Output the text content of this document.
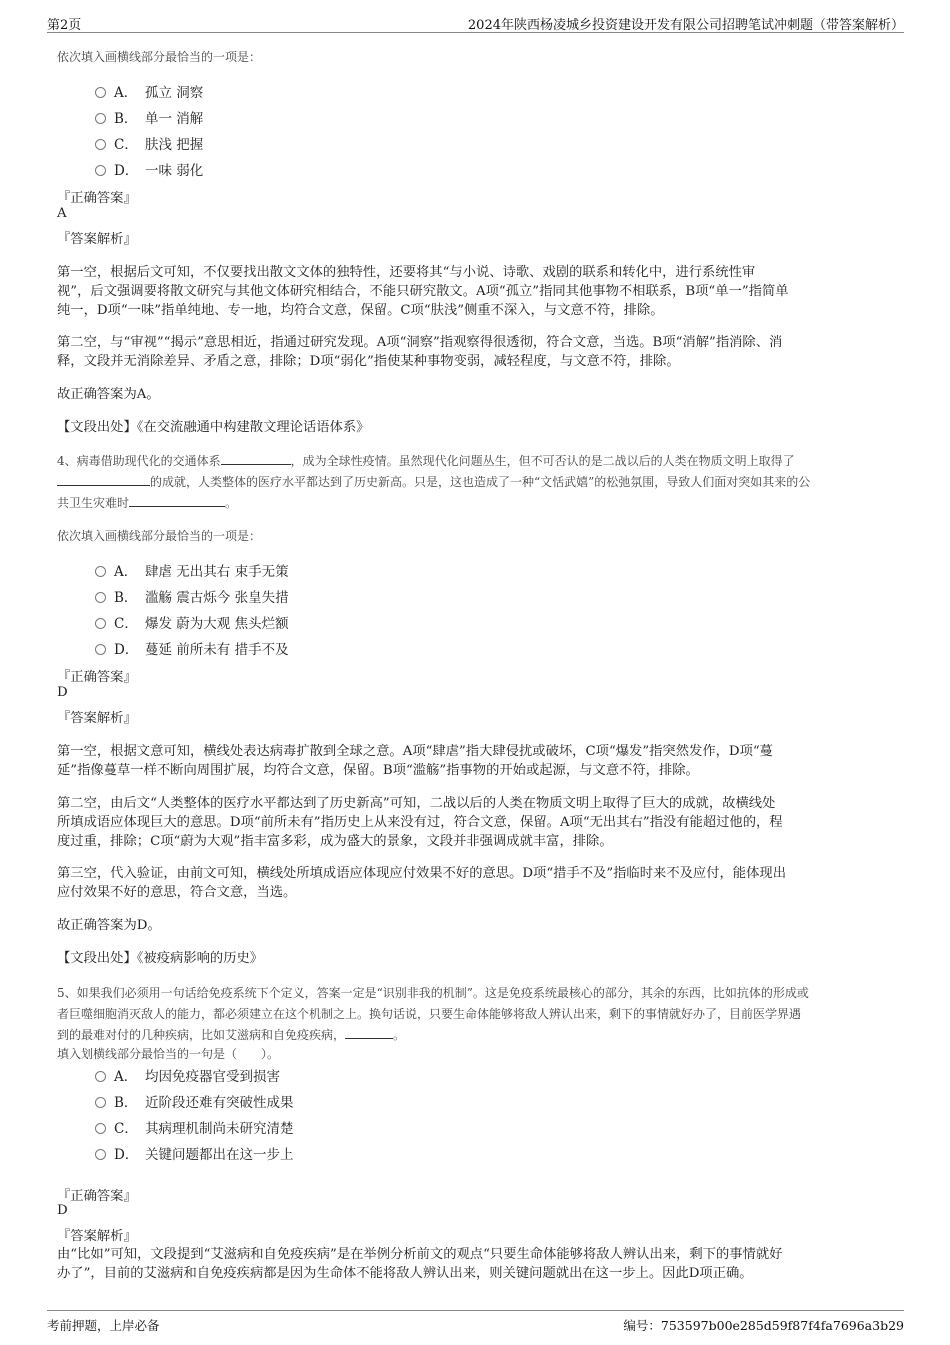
第2页	2024年陕西杨凌城乡投资建设开发有限公司招聘笔试冲刺题（带答案解析）
依次填入画横线部分最恰当的一项是：
A． 孤立 洞察
B． 单一 消解
C． 肤浅 把握
D． 一味 弱化
『正确答案』
A
『答案解析』
第一空，根据后文可知，不仅要找出散文文体的独特性，还要将其“与小说、诗歌、戏剧的联系和转化中，进行系统性审
视”，后文强调要将散文研究与其他文体研究相结合，不能只研究散文。A项“孤立”指同其他事物不相联系，B项“单一”指简单
纯一，D项“一味”指单纯地、专一地，均符合文意，保留。C项“肤浅”侧重不深入，与文意不符，排除。
第二空，与“审视”“揭示”意思相近，指通过研究发现。A项“洞察”指观察得很透彻，符合文意，当选。B项“消解”指消除、消
释，文段并无消除差异、矛盾之意，排除；D项“弱化”指使某种事物变弱，减轻程度，与文意不符，排除。
故正确答案为A。
【文段出处】《在交流融通中构建散文理论话语体系》
4、病毒借助现代化的交通体系	，成为全球性疫情。虽然现代化问题丛生，但不可否认的是二战以后的人类在物质文明上取得了
的成就，人类整体的医疗水平都达到了历史新高。只是，这也造成了一种“文恬武嬉”的松弛氛围，导致人们面对突如其来的公
共卫生灾难时	。
依次填入画横线部分最恰当的一项是：
A． 肆虐 无出其右 束手无策
B． 滥觞 震古烁今 张皇失措
C． 爆发 蔚为大观 焦头烂额
D． 蔓延 前所未有 措手不及
『正确答案』
D
『答案解析』
第一空，根据文意可知，横线处表达病毒扩散到全球之意。A项“肆虐”指大肆侵扰或破坏，C项“爆发”指突然发作，D项“蔓
延”指像蔓草一样不断向周围扩展，均符合文意，保留。B项“滥觞”指事物的开始或起源，与文意不符，排除。
第二空，由后文“人类整体的医疗水平都达到了历史新高”可知，二战以后的人类在物质文明上取得了巨大的成就，故横线处
所填成语应体现巨大的意思。D项“前所未有”指历史上从来没有过，符合文意，保留。A项“无出其右”指没有能超过他的，程
度过重，排除；C项“蔚为大观”指丰富多彩，成为盛大的景象，文段并非强调成就丰富，排除。
第三空，代入验证，由前文可知，横线处所填成语应体现应付效果不好的意思。D项“措手不及”指临时来不及应付，能体现出
应付效果不好的意思，符合文意，当选。
故正确答案为D。
【文段出处】《被疫病影响的历史》
5、如果我们必须用一句话给免疫系统下个定义，答案一定是“识别非我的机制”。这是免疫系统最核心的部分，其余的东西，比如抗体的形成或
者巨噬细胞消灭敌人的能力，都必须建立在这个机制之上。换句话说，只要生命体能够将敌人辨认出来，剩下的事情就好办了，目前医学界遇
到的最难对付的几种疾病，比如艾滋病和自免疫疾病，	。
填入划横线部分最恰当的一句是（　　）。
A． 均因免疫器官受到损害
B． 近阶段还难有突破性成果
C． 其病理机制尚未研究清楚
D． 关键问题都出在这一步上
『正确答案』
D
『答案解析』
由“比如”可知，文段提到“艾滋病和自免疫疾病”是在举例分析前文的观点“只要生命体能够将敌人辨认出来，剩下的事情就好
办了”，目前的艾滋病和自免疫疾病都是因为生命体不能将敌人辨认出来，则关键问题就出在这一步上。因此D项正确。
考前押题，上岸必备	编号：753597b00e285d59f87f4fa7696a3b29
